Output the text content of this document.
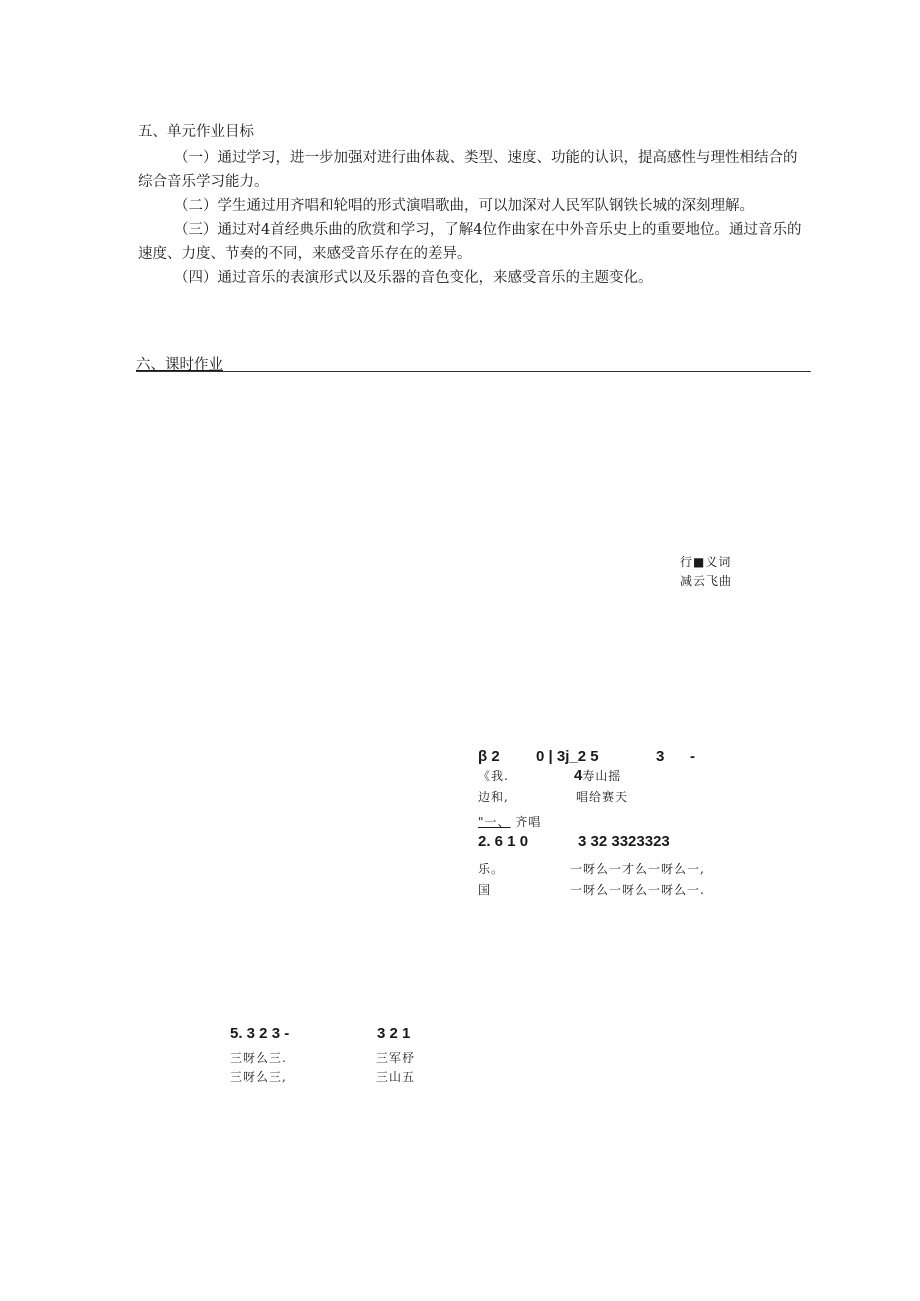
五、单元作业目标
（一）通过学习，进一步加强对进行曲体裁、类型、速度、功能的认识，提高感性与理性相结合的综合音乐学习能力。
（二）学生通过用齐唱和轮唱的形式演唱歌曲，可以加深对人民军队钢铁长城的深刻理解。
（三）通过对4首经典乐曲的欣赏和学习，了解4位作曲家在中外音乐史上的重要地位。通过音乐的速度、力度、节奏的不同，来感受音乐存在的差异。
（四）通过音乐的表演形式以及乐器的音色变化，来感受音乐的主题变化。
六、课时作业
行■义词
减云飞曲
β 2 0 | 3j_2 5	3 -
《我.	4寿山摇
边和,	唱给赛天
"一、 齐唱
2. 6 1 0	3 32 3323323
乐。	一呀么一才么一呀么一,
国	一呀么一呀么一呀么一.
5. 3 2 3 -	3 2 1
三呀么三.	三军杼
三呀么三,	三山五
